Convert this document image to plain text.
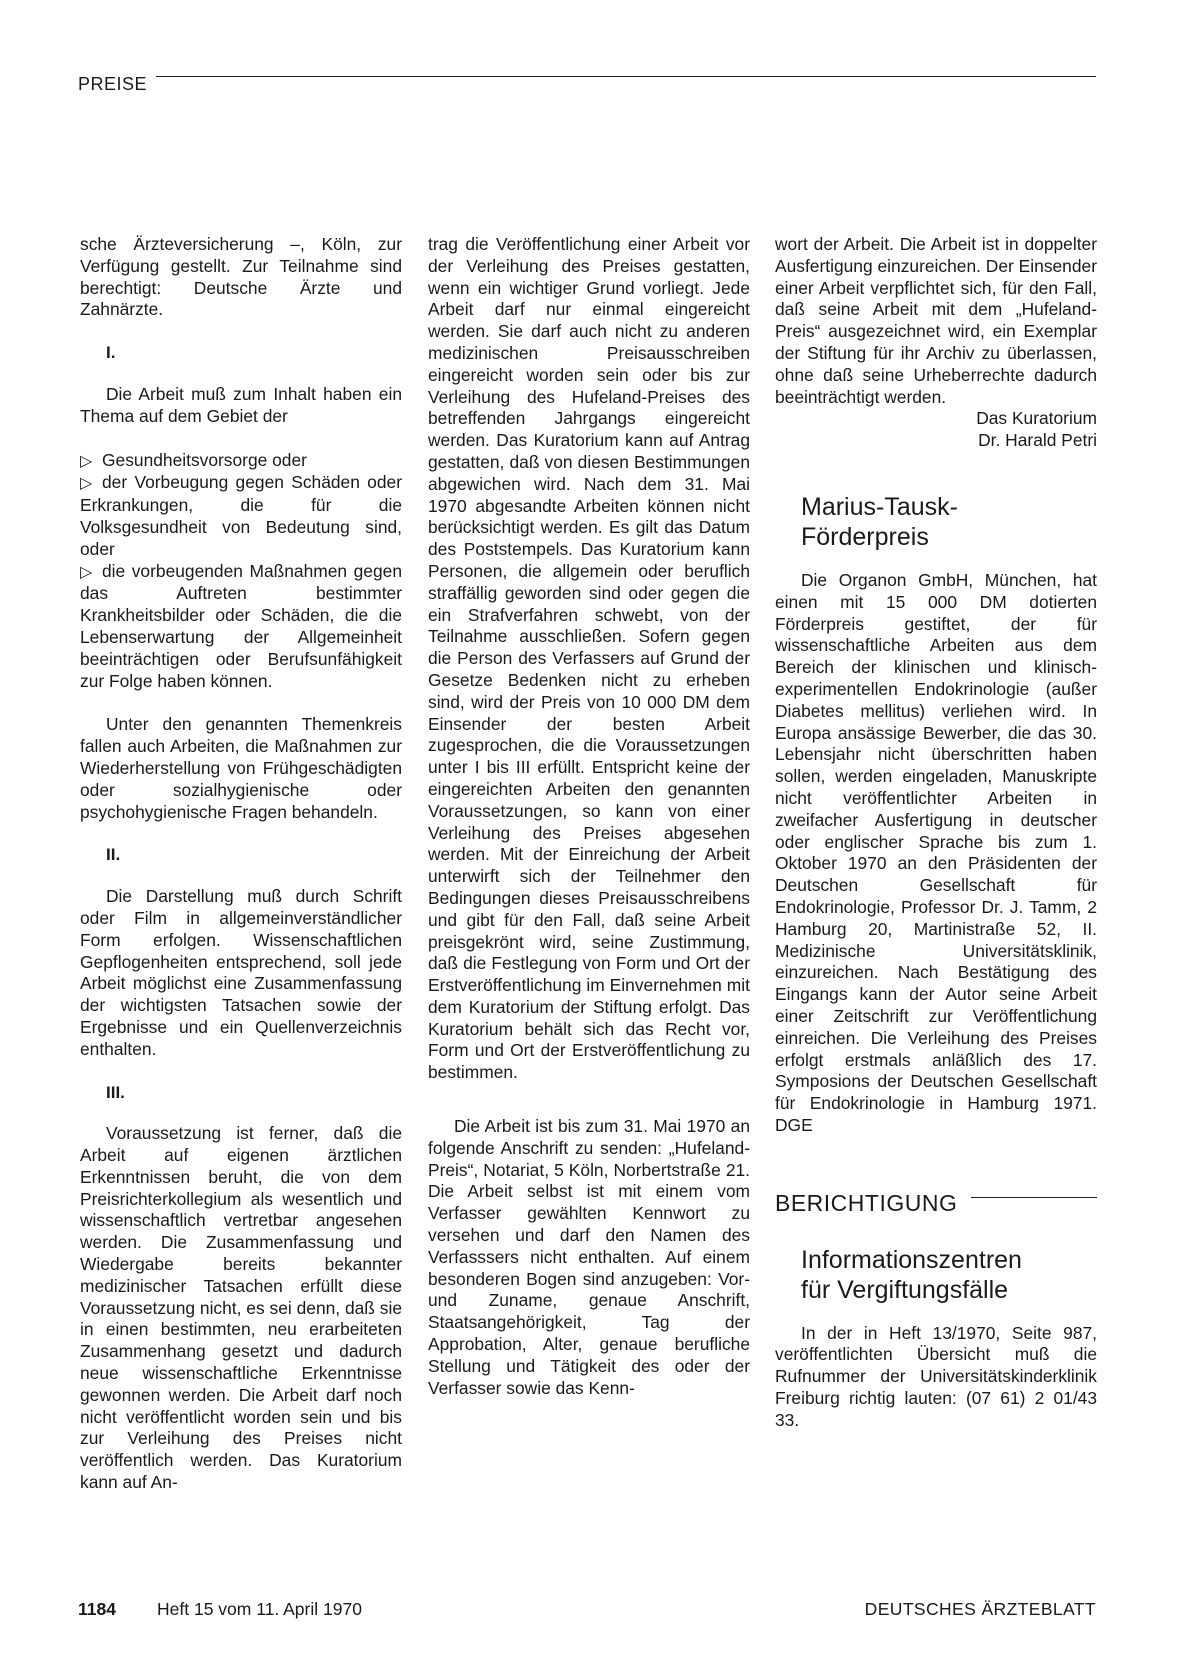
PREISE

sche Ärzteversicherung –, Köln, zur Verfügung gestellt. Zur Teilnahme sind berechtigt: Deutsche Ärzte und Zahnärzte.

I.

Die Arbeit muß zum Inhalt haben ein Thema auf dem Gebiet der

▷ Gesundheitsvorsorge oder

▷ der Vorbeugung gegen Schäden oder Erkrankungen, die für die Volksgesundheit von Bedeutung sind, oder

▷ die vorbeugenden Maßnahmen gegen das Auftreten bestimmter Krankheitsbilder oder Schäden, die die Lebenserwartung der Allgemeinheit beeinträchtigen oder Berufsunfähigkeit zur Folge haben können.

Unter den genannten Themenkreis fallen auch Arbeiten, die Maßnahmen zur Wiederherstellung von Frühgeschädigten oder sozialhygienische oder psychohygienische Fragen behandeln.

II.

Die Darstellung muß durch Schrift oder Film in allgemeinverständlicher Form erfolgen. Wissenschaftlichen Gepflogenheiten entsprechend, soll jede Arbeit möglichst eine Zusammenfassung der wichtigsten Tatsachen sowie der Ergebnisse und ein Quellenverzeichnis enthalten.

III.

Voraussetzung ist ferner, daß die Arbeit auf eigenen ärztlichen Erkenntnissen beruht, die von dem Preisrichterkollegium als wesentlich und wissenschaftlich vertretbar angesehen werden. Die Zusammenfassung und Wiedergabe bereits bekannter medizinischer Tatsachen erfüllt diese Voraussetzung nicht, es sei denn, daß sie in einen bestimmten, neu erarbeiteten Zusammenhang gesetzt und dadurch neue wissenschaftliche Erkenntnisse gewonnen werden. Die Arbeit darf noch nicht veröffentlicht worden sein und bis zur Verleihung des Preises nicht veröffentlich werden. Das Kuratorium kann auf An-

trag die Veröffentlichung einer Arbeit vor der Verleihung des Preises gestatten, wenn ein wichtiger Grund vorliegt. Jede Arbeit darf nur einmal eingereicht werden. Sie darf auch nicht zu anderen medizinischen Preisausschreiben eingereicht worden sein oder bis zur Verleihung des Hufeland-Preises des betreffenden Jahrgangs eingereicht werden. Das Kuratorium kann auf Antrag gestatten, daß von diesen Bestimmungen abgewichen wird. Nach dem 31. Mai 1970 abgesandte Arbeiten können nicht berücksichtigt werden. Es gilt das Datum des Poststempels. Das Kuratorium kann Personen, die allgemein oder beruflich straffällig geworden sind oder gegen die ein Strafverfahren schwebt, von der Teilnahme ausschließen. Sofern gegen die Person des Verfassers auf Grund der Gesetze Bedenken nicht zu erheben sind, wird der Preis von 10 000 DM dem Einsender der besten Arbeit zugesprochen, die die Voraussetzungen unter I bis III erfüllt. Entspricht keine der eingereichten Arbeiten den genannten Voraussetzungen, so kann von einer Verleihung des Preises abgesehen werden. Mit der Einreichung der Arbeit unterwirft sich der Teilnehmer den Bedingungen dieses Preisausschreibens und gibt für den Fall, daß seine Arbeit preisgekrönt wird, seine Zustimmung, daß die Festlegung von Form und Ort der Erstveröffentlichung im Einvernehmen mit dem Kuratorium der Stiftung erfolgt. Das Kuratorium behält sich das Recht vor, Form und Ort der Erstveröffentlichung zu bestimmen.

Die Arbeit ist bis zum 31. Mai 1970 an folgende Anschrift zu senden: „Hufeland-Preis“, Notariat, 5 Köln, Norbertstraße 21. Die Arbeit selbst ist mit einem vom Verfasser gewählten Kennwort zu versehen und darf den Namen des Verfasssers nicht enthalten. Auf einem besonderen Bogen sind anzugeben: Vor- und Zuname, genaue Anschrift, Staatsangehörigkeit, Tag der Approbation, Alter, genaue berufliche Stellung und Tätigkeit des oder der Verfasser sowie das Kenn-

wort der Arbeit. Die Arbeit ist in doppelter Ausfertigung einzureichen. Der Einsender einer Arbeit verpflichtet sich, für den Fall, daß seine Arbeit mit dem „Hufeland-Preis“ ausgezeichnet wird, ein Exemplar der Stiftung für ihr Archiv zu überlassen, ohne daß seine Urheberrechte dadurch beeinträchtigt werden.

Das Kuratorium

Dr. Harald Petri

Marius-Tausk-

Förderpreis

Die Organon GmbH, München, hat einen mit 15 000 DM dotierten Förderpreis gestiftet, der für wissenschaftliche Arbeiten aus dem Bereich der klinischen und klinisch-experimentellen Endokrinologie (außer Diabetes mellitus) verliehen wird. In Europa ansässige Bewerber, die das 30. Lebensjahr nicht überschritten haben sollen, werden eingeladen, Manuskripte nicht veröffentlichter Arbeiten in zweifacher Ausfertigung in deutscher oder englischer Sprache bis zum 1. Oktober 1970 an den Präsidenten der Deutschen Gesellschaft für Endokrinologie, Professor Dr. J. Tamm, 2 Hamburg 20, Martinistraße 52, II. Medizinische Universitätsklinik, einzureichen. Nach Bestätigung des Eingangs kann der Autor seine Arbeit einer Zeitschrift zur Veröffentlichung einreichen. Die Verleihung des Preises erfolgt erstmals anläßlich des 17. Symposions der Deutschen Gesellschaft für Endokrinologie in Hamburg 1971. DGE

BERICHTIGUNG

Informationszentren

für Vergiftungsfälle

In der in Heft 13/1970, Seite 987, veröffentlichten Übersicht muß die Rufnummer der Universitätskinderklinik Freiburg richtig lauten: (07 61) 2 01/43 33.

1184 Heft 15 vom 11. April 1970	DEUTSCHES ÄRZTEBLATT
